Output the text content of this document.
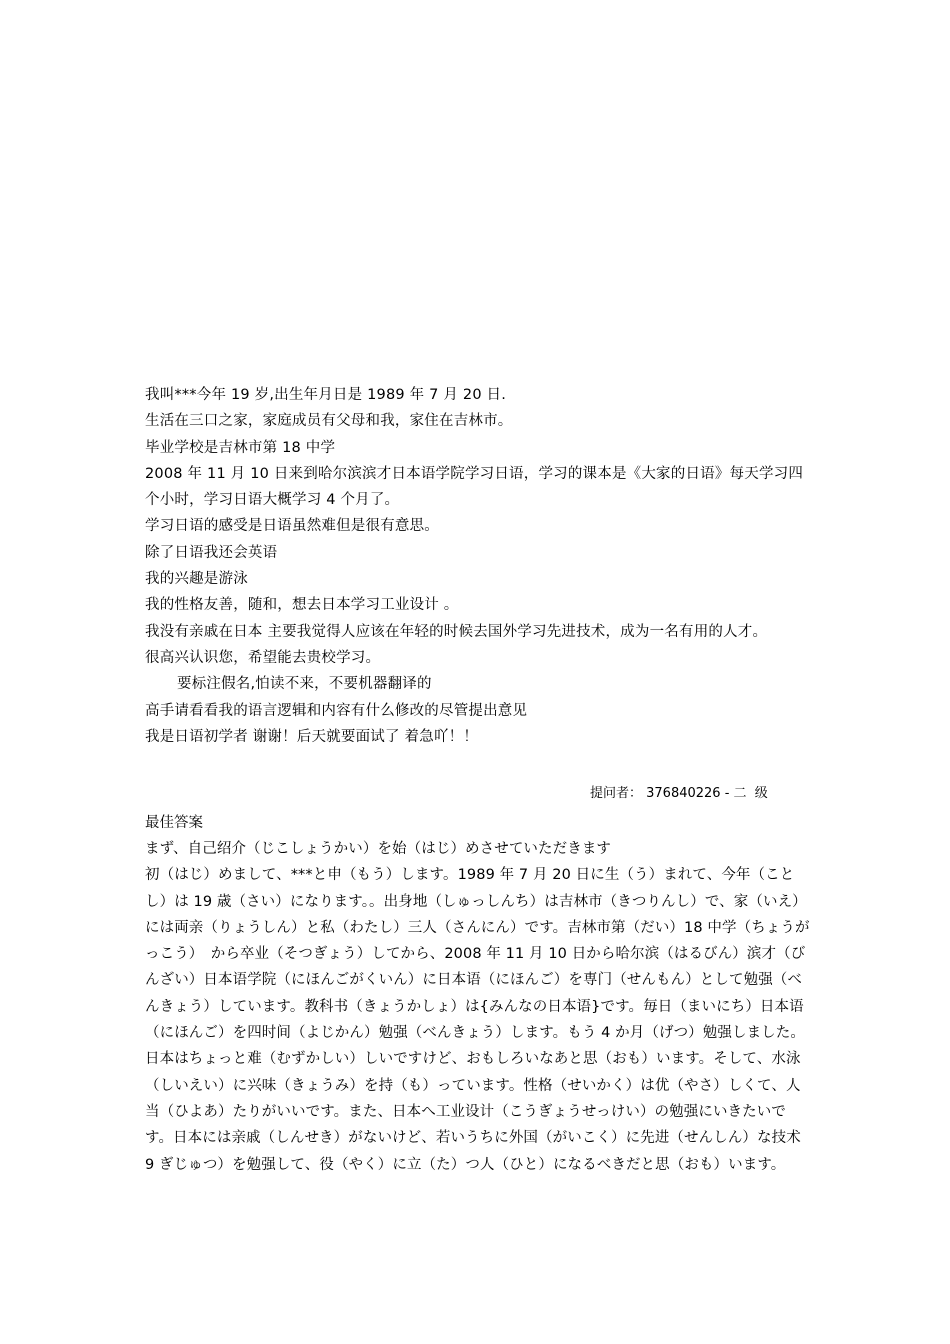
我叫***今年 19 岁,出生年月日是 1989 年 7 月 20 日.

生活在三口之家，家庭成员有父母和我，家住在吉林市。

毕业学校是吉林市第 18 中学

2008 年 11 月 10 日来到哈尔滨滨才日本语学院学习日语，学习的课本是《大家的日语》每天学习四个小时，学习日语大概学习 4 个月了。

学习日语的感受是日语虽然难但是很有意思。

除了日语我还会英语

我的兴趣是游泳

我的性格友善，随和，想去日本学习工业设计 。

我没有亲戚在日本 主要我觉得人应该在年轻的时候去国外学习先进技术，成为一名有用的人才。

很高兴认识您，希望能去贵校学习。

要标注假名,怕读不来，不要机器翻译的

高手请看看我的语言逻辑和内容有什么修改的尽管提出意见

我是日语初学者 谢谢！后天就要面试了 着急吖！！

提问者： 376840226 - 二  级
最佳答案

まず、自己绍介（じこしょうかい）を始（はじ）めさせていただきます

初（はじ）めまして、***と申（もう）します。1989 年 7 月 20 日に生（う）まれて、今年（ことし）は 19 歳（さい）になります。。出身地（しゅっしんち）は吉林市（きつりんし）で、家（いえ）には両亲（りょうしん）と私（わたし）三人（さんにん）です。吉林市第（だい）18 中学（ちょうがっこう）　から卒业（そつぎょう）してから、2008 年 11 月 10 日から哈尔滨（はるびん）滨才（びんざい）日本语学院（にほんごがくいん）に日本语（にほんご）を専门（せんもん）として勉强（べんきょう）しています。教科书（きょうかしょ）は{みんなの日本语}です。毎日（まいにち）日本语（にほんご）を四时间（よじかん）勉强（べんきょう）します。もう 4 か月（げつ）勉强しました。日本はちょっと难（むずかしい）しいですけど、おもしろいなあと思（おも）います。そして、水泳（しいえい）に兴味（きょうみ）を持（も）っています。性格（せいかく）は优（やさ）しくて、人当（ひよあ）たりがいいです。また、日本へ工业设计（こうぎょうせっけい）の勉强にいきたいです。日本には亲戚（しんせき）がないけど、若いうちに外国（がいこく）に先进（せんしん）な技术 9 ぎじゅつ）を勉强して、役（やく）に立（た）つ人（ひと）になるべきだと思（おも）います。
